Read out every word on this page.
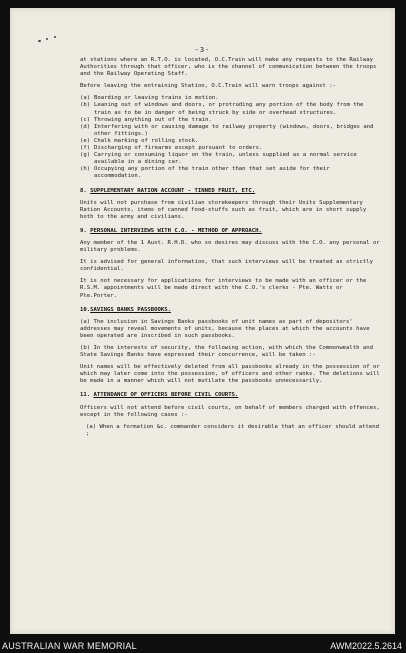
-3-

at stations where an R.T.O. is located, O.C.Train will make any requests to the Railway Authorities through that officer, who is the channel of communication between the troops and the Railway Operating Staff.

Before leaving the entraining Station, O.C.Train will warn troops against :-

(a) Boarding or leaving trains in motion.
(b) Leaning out of windows and doors, or protruding any portion of the body from the train as to be in danger of being struck by side or overhead structures.
(c) Throwing anything out of the train.
(d) Interfering with or causing damage to railway property (windows, doors, bridges and other fittings.)
(e) Chalk marking of rolling stock.
(f) Discharging of firearms except pursuant to orders.
(g) Carrying or consuming liquor on the train, unless supplied as a normal service available in a dining car.
(h) Occupying any portion of the train other than that set aside for their accommodation.
8. SUPPLEMENTARY RATION ACCOUNT - TINNED FRUIT, ETC.

Units will not purchase from civilian storekeepers through their Units Supplementary Ration Accounts, items of canned food-stuffs such as fruit, which are in short supply both to the army and civilians.

9. PERSONAL INTERVIEWS WITH C.O. - METHOD OF APPROACH.

Any member of the 1 Aust. R.H.D. who so desires may discuss with the C.O. any personal or military problems.

It is advised for general information, that such interviews will be treated as strictly confidential.

It is not necessary for applications for interviews to be made with an officer or the R.S.M. appointments will be made direct with the C.O.'s clerks - Pte. Watts or Pte.Porter.

10.SAVINGS BANKS PASSBOOKS.

(a) The inclusion in Savings Banks passbooks of unit names as part of depositors' addresses may reveal movements of units, because the places at which the accounts have been operated are inscribed in such passbooks.

(b) In the interests of security, the following action, with which the Commonwealth and State Savings Banks have expressed their concurrence, will be taken :-

Unit names will be effectively deleted from all passbooks already in the possession of or which may later come into the possession, of officers and other ranks. The deletions will be made in a manner which will not mutilate the passbooks unnecessarily.

11. ATTENDANCE OF OFFICERS BEFORE CIVIL COURTS.

Officers will not attend before civil courts, on behalf of members charged with offences, except in the following cases :-

(a) When a formation &c. commander considers it desirable that an officer should attend ;

AUSTRALIAN WAR MEMORIAL	AWM2022.5.2614
